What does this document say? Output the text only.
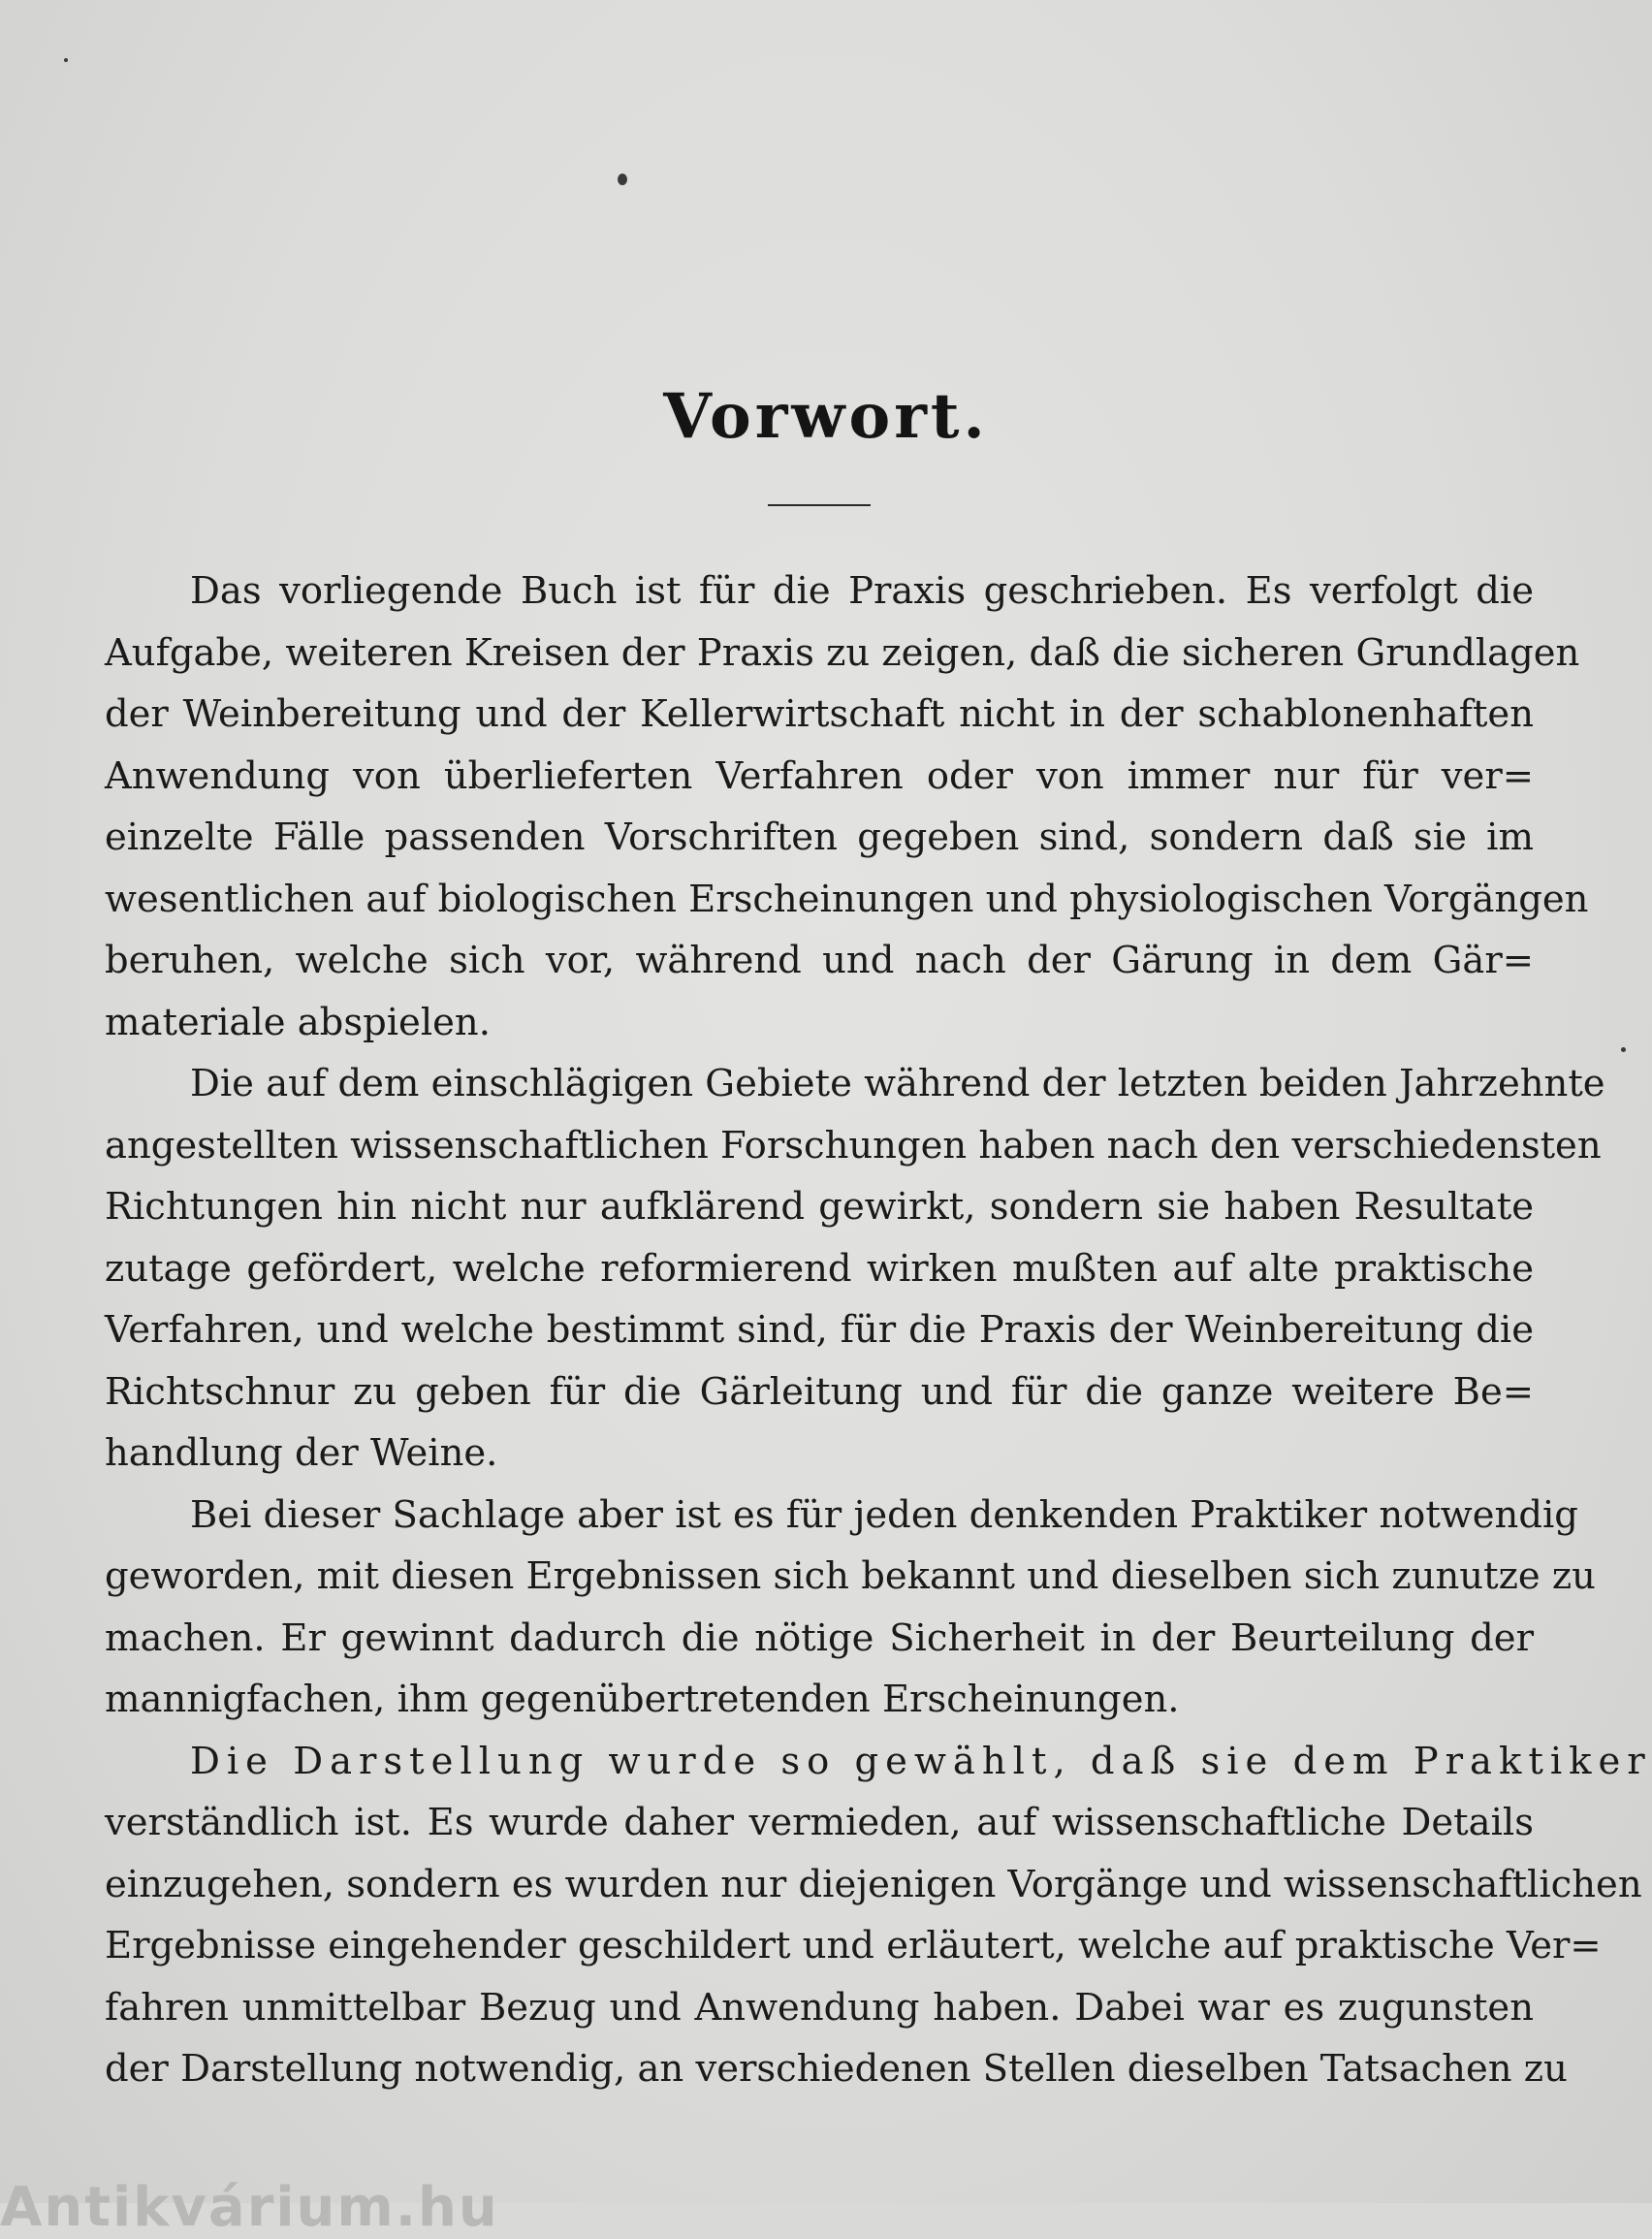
Vorwort.
Das vorliegende Buch ist für die Praxis geschrieben. Es verfolgt die
Aufgabe, weiteren Kreisen der Praxis zu zeigen, daß die sicheren Grundlagen
der Weinbereitung und der Kellerwirtschaft nicht in der schablonenhaften
Anwendung von überlieferten Verfahren oder von immer nur für ver=
einzelte Fälle passenden Vorschriften gegeben sind, sondern daß sie im
wesentlichen auf biologischen Erscheinungen und physiologischen Vorgängen
beruhen, welche sich vor, während und nach der Gärung in dem Gär=
materiale abspielen.
Die auf dem einschlägigen Gebiete während der letzten beiden Jahrzehnte
angestellten wissenschaftlichen Forschungen haben nach den verschiedensten
Richtungen hin nicht nur aufklärend gewirkt, sondern sie haben Resultate
zutage gefördert, welche reformierend wirken mußten auf alte praktische
Verfahren, und welche bestimmt sind, für die Praxis der Weinbereitung die
Richtschnur zu geben für die Gärleitung und für die ganze weitere Be=
handlung der Weine.
Bei dieser Sachlage aber ist es für jeden denkenden Praktiker notwendig
geworden, mit diesen Ergebnissen sich bekannt und dieselben sich zunutze zu
machen. Er gewinnt dadurch die nötige Sicherheit in der Beurteilung der
mannigfachen, ihm gegenübertretenden Erscheinungen.
Die Darstellung wurde so gewählt, daß sie dem Praktiker
verständlich ist. Es wurde daher vermieden, auf wissenschaftliche Details
einzugehen, sondern es wurden nur diejenigen Vorgänge und wissenschaftlichen
Ergebnisse eingehender geschildert und erläutert, welche auf praktische Ver=
fahren unmittelbar Bezug und Anwendung haben. Dabei war es zugunsten
der Darstellung notwendig, an verschiedenen Stellen dieselben Tatsachen zu
Antikvárium.hu
